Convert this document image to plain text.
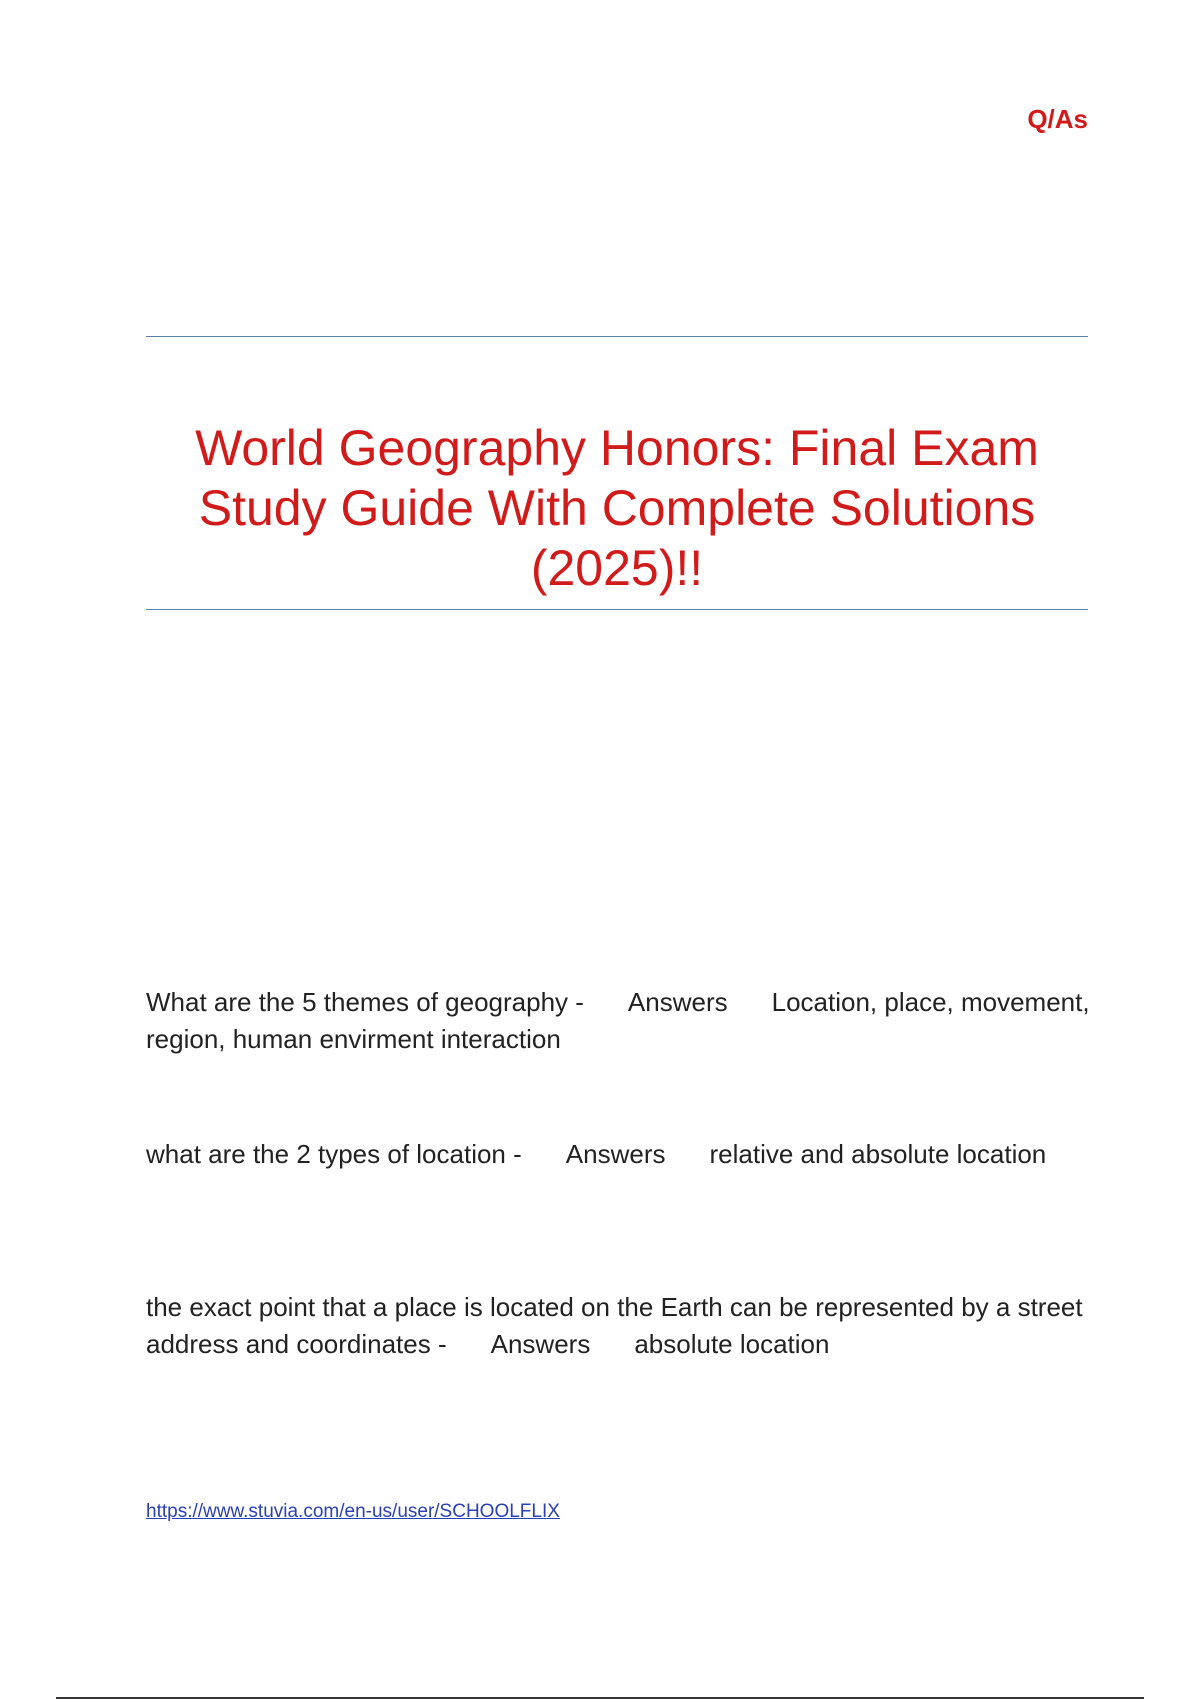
Q/As
World Geography Honors: Final Exam Study Guide With Complete Solutions (2025)!!

What are the 5 themes of geography - Answers Location, place, movement, region, human envirment interaction

what are the 2 types of location - Answers relative and absolute location

the exact point that a place is located on the Earth can be represented by a street address and coordinates - Answers absolute location

https://www.stuvia.com/en-us/user/SCHOOLFLIX
